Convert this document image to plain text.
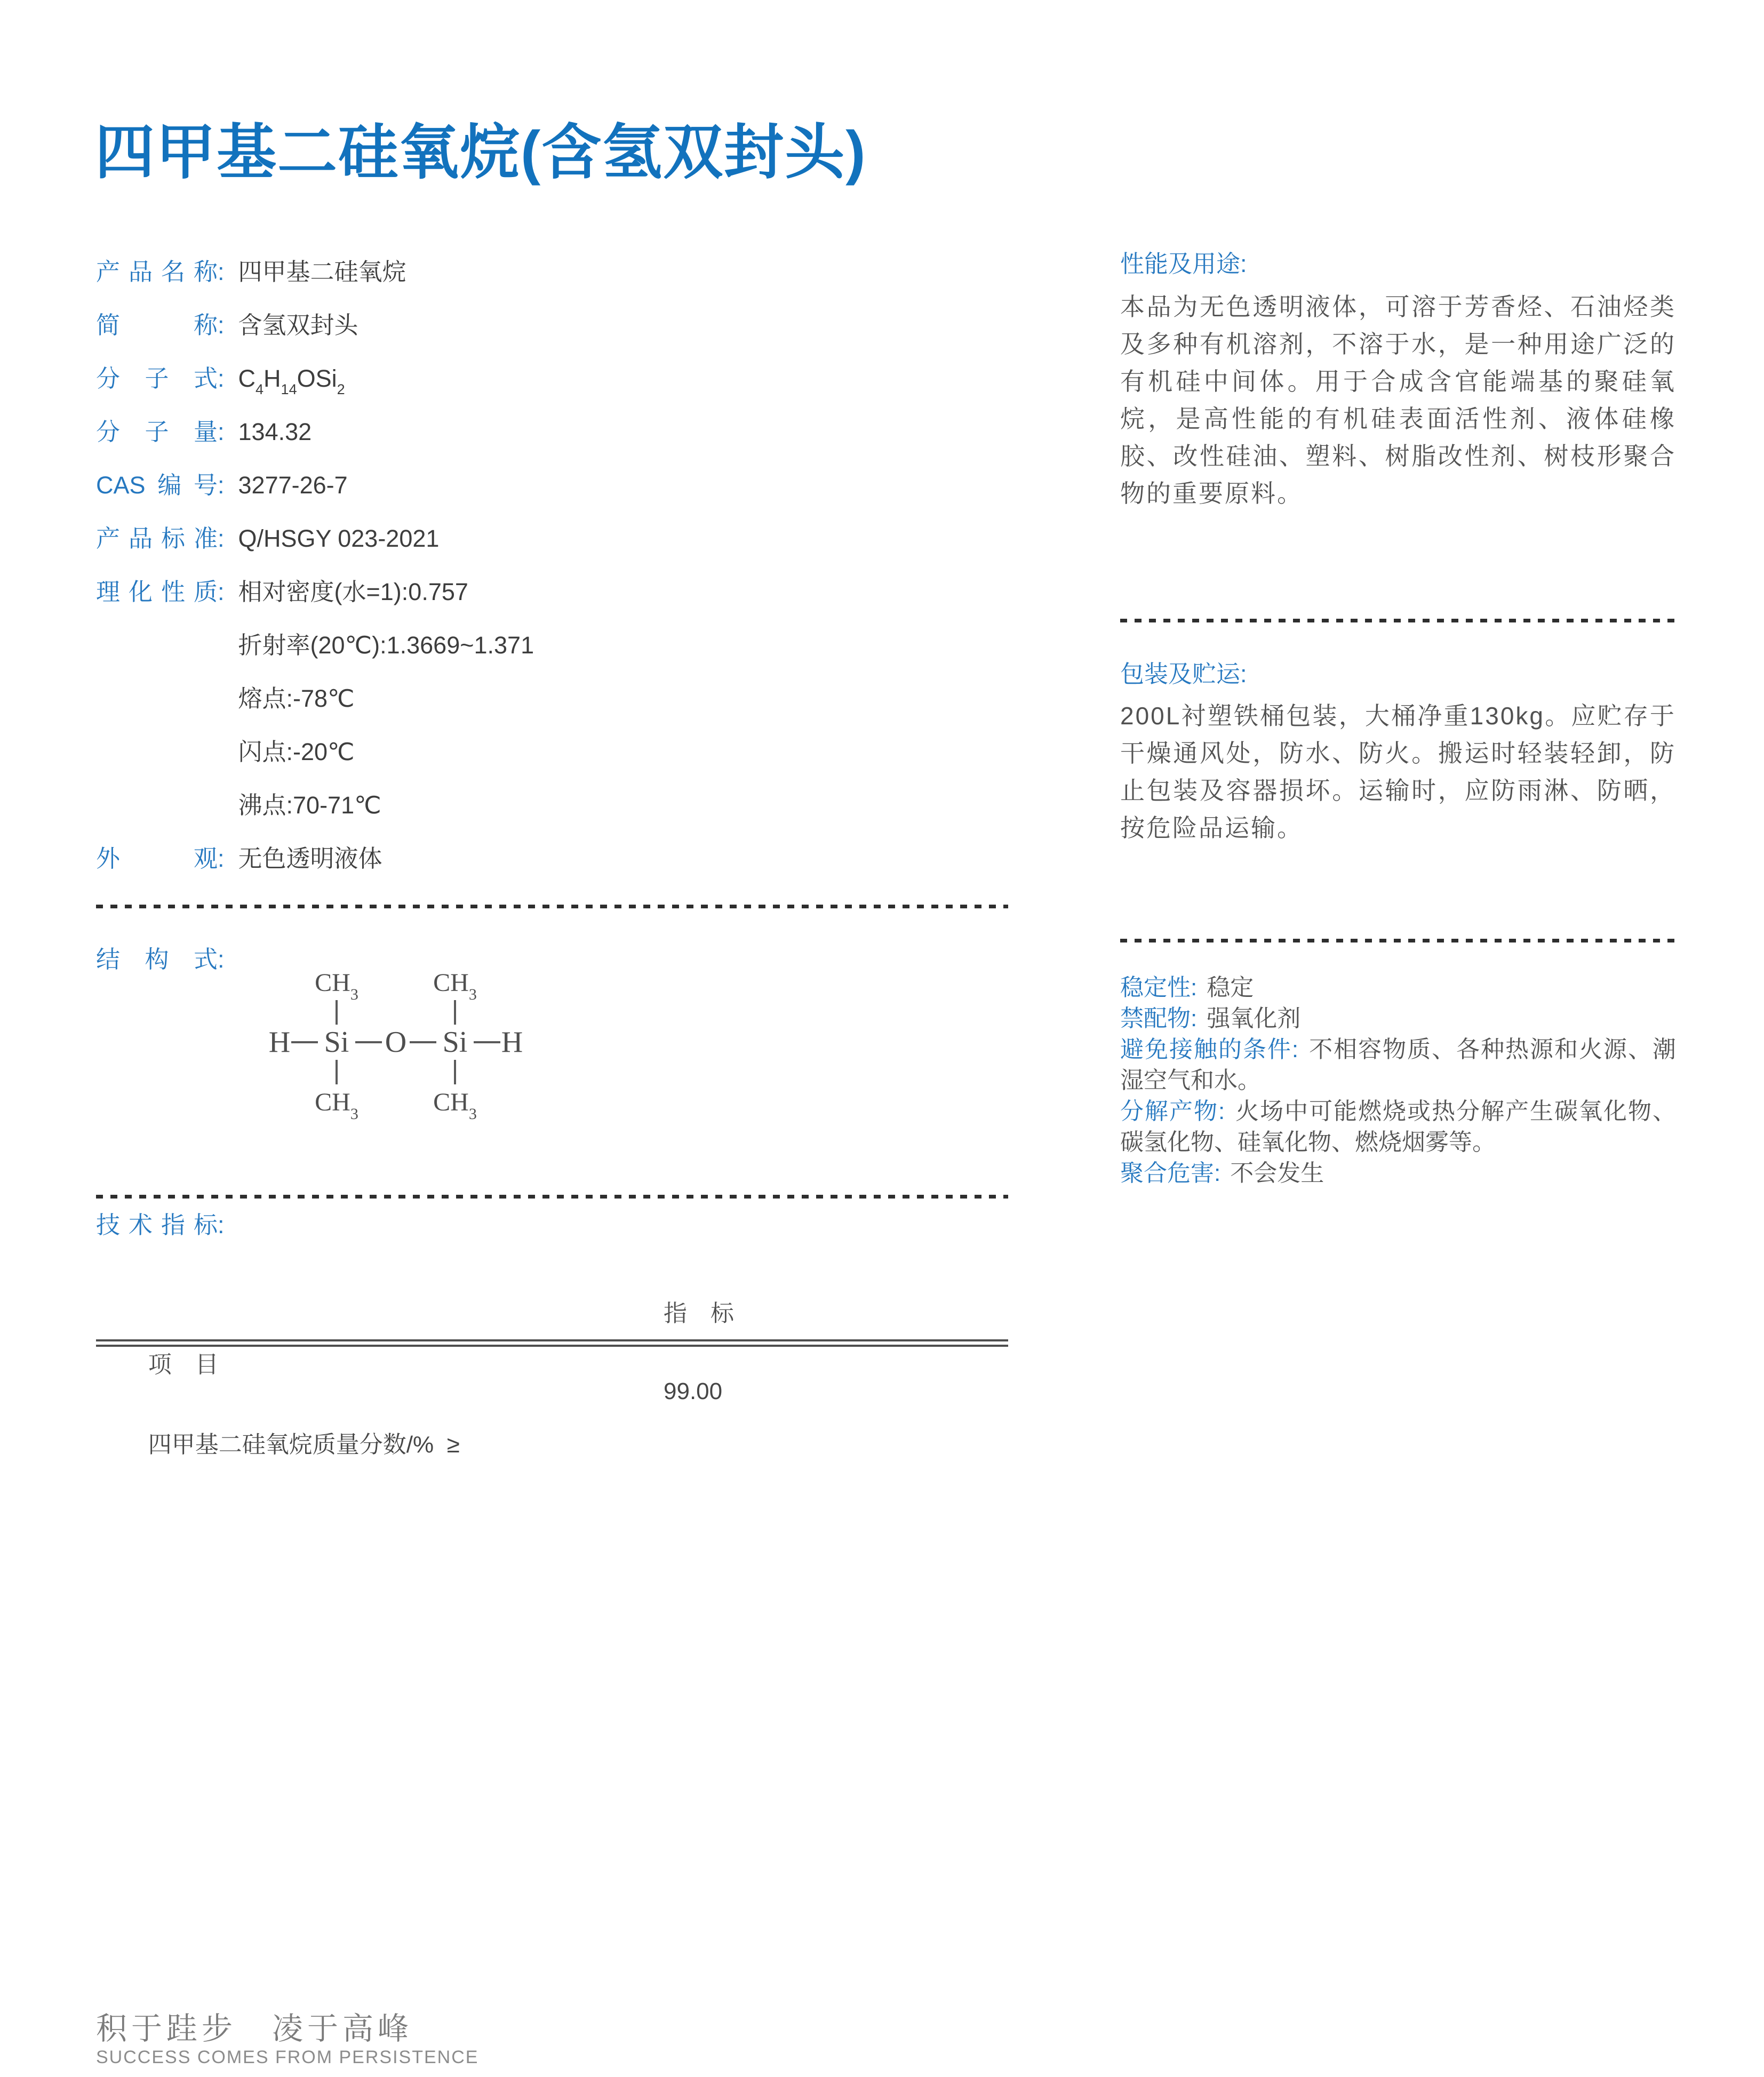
四甲基二硅氧烷(含氢双封头)
产品名称: 四甲基二硅氧烷
简称: 含氢双封头
分子式: $C_4H_{14}OSi_2$
分子量: 134.32
CAS编号: 3277-26-7
产品标准: Q/HSGY 023-2021
理化性质: 相对密度(水=1):0.757
折射率(20℃):1.3669~1.371
熔点:-78℃
闪点:-20℃
沸点:70-71℃
外观: 无色透明液体
结构式:
$CH_3$	$CH_3$
H Si O Si H
$CH_3$	$CH_3$
技术指标:

项　目

指　标

四甲基二硅氧烷质量分数/%  ≥

99.00

性能及用途:
本品为无色透明液体，可溶于芳香烃、石油烃类及多种有机溶剂，不溶于水，是一种用途广泛的有机硅中间体。用于合成含官能端基的聚硅氧烷，是高性能的有机硅表面活性剂、液体硅橡胶、改性硅油、塑料、树脂改性剂、树枝形聚合物的重要原料。
包装及贮运:
200L衬塑铁桶包装，大桶净重130kg。应贮存于干燥通风处，防水、防火。搬运时轻装轻卸，防止包装及容器损坏。运输时，应防雨淋、防晒，按危险品运输。
稳定性: 稳定
禁配物: 强氧化剂
避免接触的条件: 不相容物质、各种热源和火源、潮湿空气和水。
分解产物: 火场中可能燃烧或热分解产生碳氧化物、碳氢化物、硅氧化物、燃烧烟雾等。
聚合危害: 不会发生
积于跬步　凌于高峰
SUCCESS COMES FROM PERSISTENCE
